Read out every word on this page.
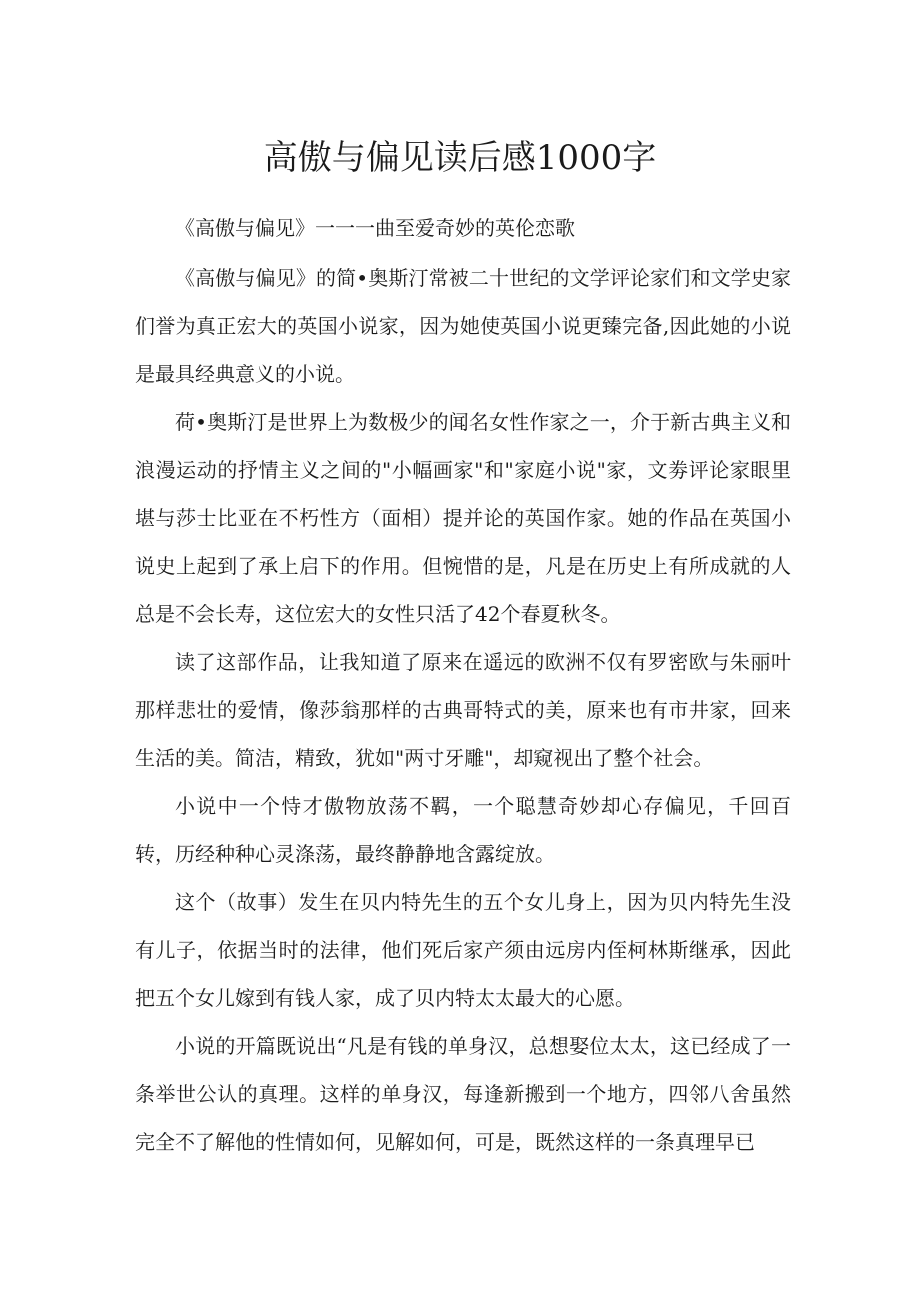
高傲与偏见读后感1000字

《高傲与偏见》一一一曲至爱奇妙的英伦恋歌

《高傲与偏见》的简•奥斯汀常被二十世纪的文学评论家们和文学史家们誉为真正宏大的英国小说家，因为她使英国小说更臻完备,因此她的小说是最具经典意义的小说。

荷•奥斯汀是世界上为数极少的闻名女性作家之一，介于新古典主义和浪漫运动的抒情主义之间的"小幅画家"和"家庭小说"家，文劵评论家眼里堪与莎士比亚在不朽性方（面相）提并论的英国作家。她的作品在英国小说史上起到了承上启下的作用。但惋惜的是，凡是在历史上有所成就的人总是不会长寿，这位宏大的女性只活了42个春夏秋冬。

读了这部作品，让我知道了原来在遥远的欧洲不仅有罗密欧与朱丽叶那样悲壮的爱情，像莎翁那样的古典哥特式的美，原来也有市井家，回来生活的美。简洁，精致，犹如"两寸牙雕"，却窥视出了整个社会。

小说中一个恃才傲物放荡不羁，一个聪慧奇妙却心存偏见，千回百转，历经种种心灵涤荡，最终静静地含露绽放。

这个（故事）发生在贝内特先生的五个女儿身上，因为贝内特先生没有儿子，依据当时的法律，他们死后家产须由远房内侄柯林斯继承，因此把五个女儿嫁到有钱人家，成了贝内特太太最大的心愿。

小说的开篇既说出“凡是有钱的单身汉，总想娶位太太，这已经成了一条举世公认的真理。这样的单身汉，每逢新搬到一个地方，四邻八舍虽然完全不了解他的性情如何，见解如何，可是，既然这样的一条真理早已
